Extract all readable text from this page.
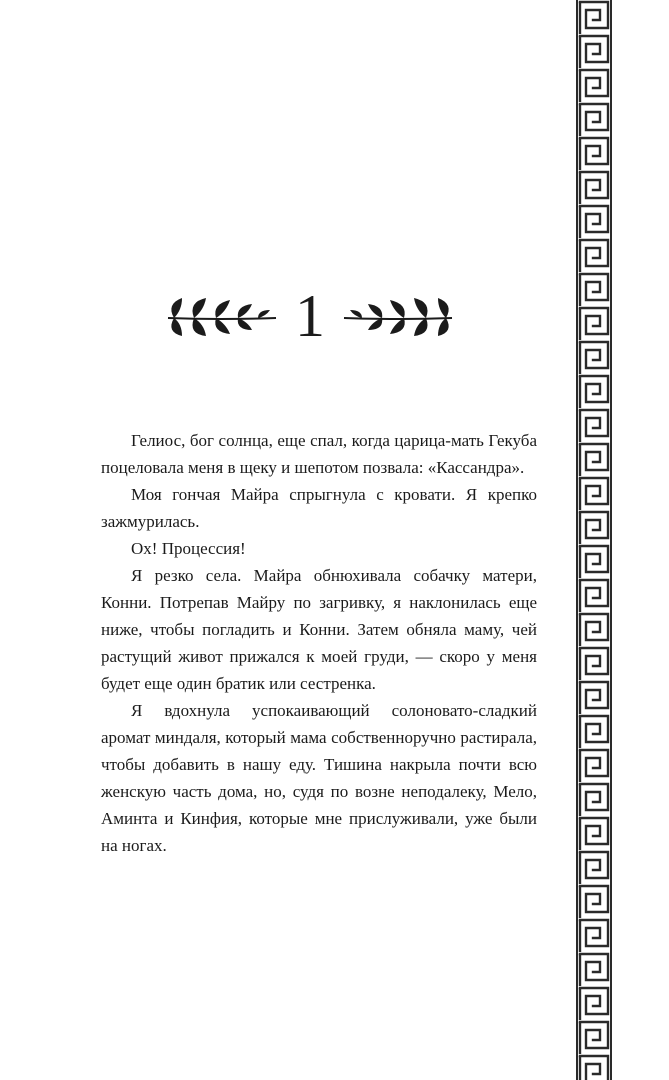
1

Гелиос, бог солнца, еще спал, когда царица-мать Гекуба поцеловала меня в щеку и шепотом позвала: «Кассандра».

Моя гончая Майра спрыгнула с кровати. Я крепко зажмурилась.

Ох! Процессия!

Я резко села. Майра обнюхивала собачку матери, Конни. Потрепав Майру по загривку, я наклонилась еще ниже, чтобы погладить и Конни. Затем обняла маму, чей растущий живот прижался к моей груди, — скоро у меня будет еще один братик или сестренка.

Я вдохнула успокаивающий солоновато-сладкий аромат миндаля, который мама собственноручно растирала, чтобы добавить в нашу еду. Тишина накрыла почти всю женскую часть дома, но, судя по возне неподалеку, Мело, Аминта и Кинфия, которые мне прислуживали, уже были на ногах.
